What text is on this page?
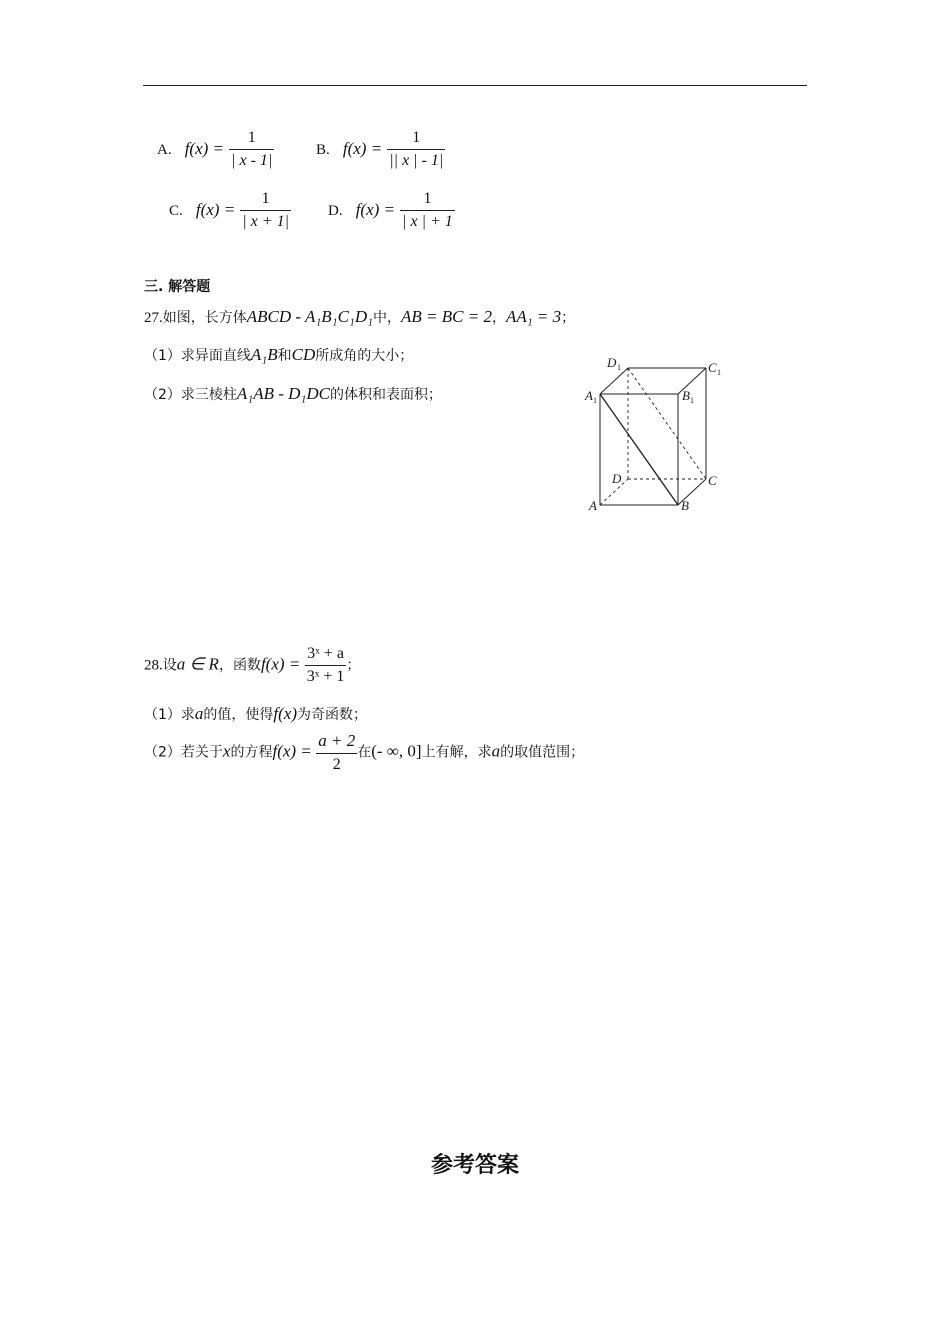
A. $f(x) = \frac{1}{| x - 1|}$	B. $f(x) = \frac{1}{|| x | - 1|}$
C. $f(x) = \frac{1}{| x + 1|} D$. $f(x) = \frac{1}{| x | + 1}$
三. 解答题
27.如图，长方体ABCD - A₁B₁C₁D₁中，AB = BC = 2，AA₁ = 3；
（1）求异面直线A₁B和CD所成角的大小；
（2）求三棱柱A₁AB - D₁DC的体积和表面积；
D 1	C 1
A 1	B 1
D	C
A	B
28.设a ∈ R，函数$f(x) = \frac{\text{3ˣ + a}}{\text{3ˣ + 1}}$ ；
（1）求a的值，使得f(x)为奇函数；
（2）若关于x的方程$f(x) = \frac{a + 2}{2}$ 在(- ∞, 0]上有解，求a的取值范围；
参考答案
